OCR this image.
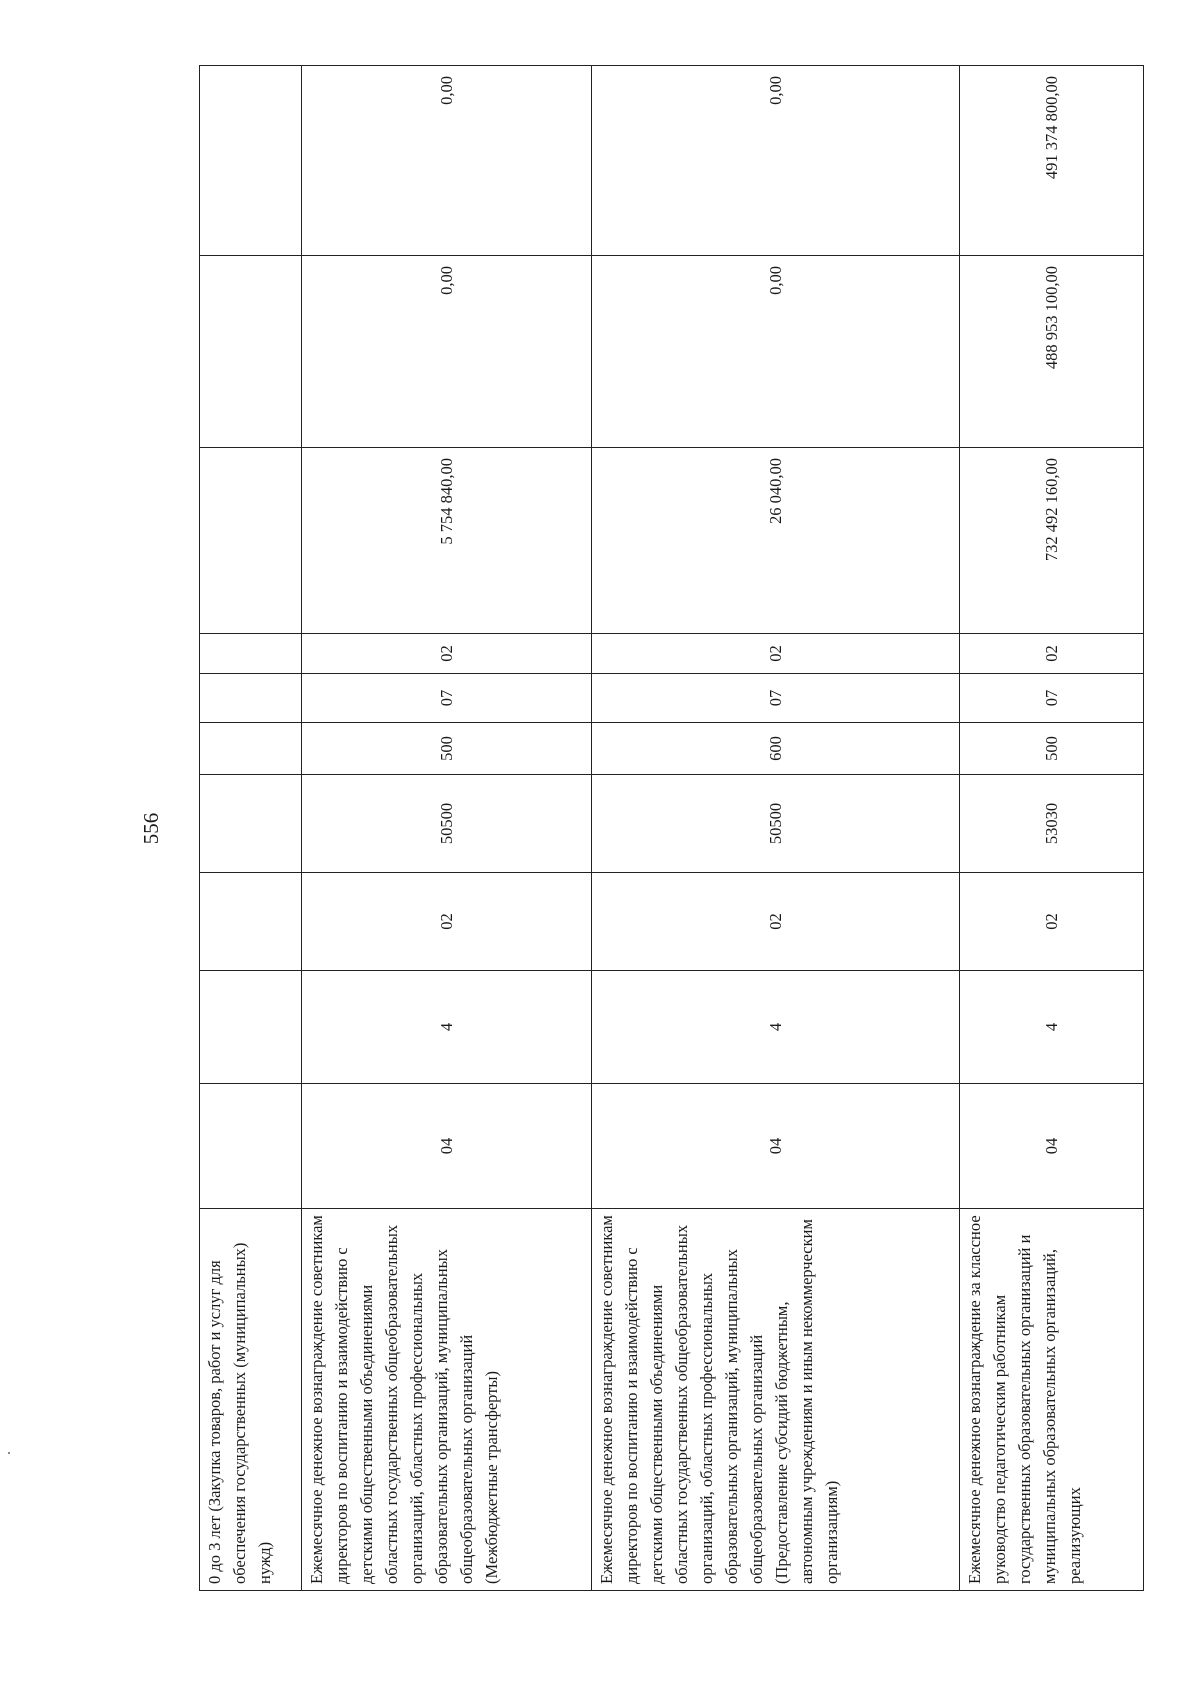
556
0 до 3 лет (Закупка товаров, работ и услуг для обеспечения государственных (муниципальных) нужд)										
Ежемесячное денежное вознаграждение советникам директоров по воспитанию и взаимодействию с детскими общественными объединениями областных государственных общеобразовательных организаций, областных профессиональных образовательных организаций, муниципальных общеобразовательных организаций (Межбюджетные трансферты)	04	4	02	50500	500	07	02	5 754 840,00	0,00	0,00
Ежемесячное денежное вознаграждение советникам директоров по воспитанию и взаимодействию с детскими общественными объединениями областных государственных общеобразовательных организаций, областных профессиональных образовательных организаций, муниципальных общеобразовательных организаций (Предоставление субсидий бюджетным, автономным учреждениям и иным некоммерческим организациям)	04	4	02	50500	600	07	02	26 040,00	0,00	0,00
Ежемесячное денежное вознаграждение за классное руководство педагогическим работникам государственных образовательных организаций и муниципальных образовательных организаций, реализующих	04	4	02	53030	500	07	02	732 492 160,00	488 953 100,00	491 374 800,00
